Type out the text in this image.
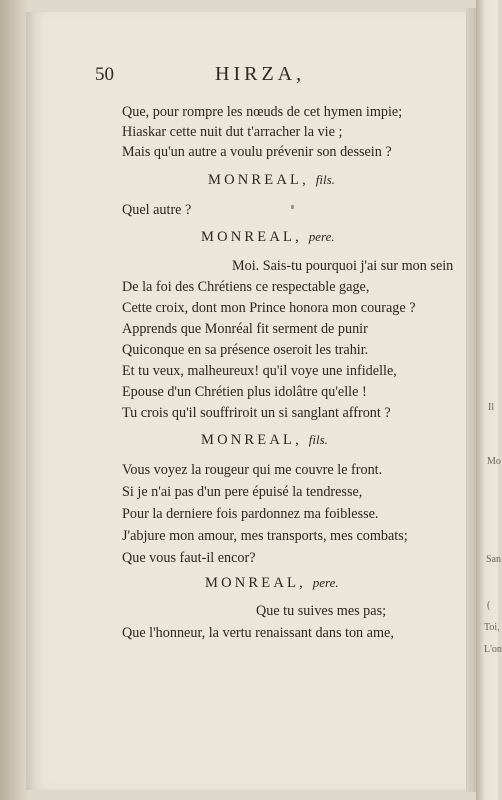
Il
Mo
San
(
Toi,
L'on
50	HIRZA,
Que, pour rompre les nœuds de cet hymen impie;
Hiaskar cette nuit dut t'arracher la vie ;
Mais qu'un autre a voulu prévenir son dessein ?
MONREAL, fils.
Quel autre ?
MONREAL, pere.
Moi. Sais-tu pourquoi j'ai sur mon sein
De la foi des Chrétiens ce respectable gage,
Cette croix, dont mon Prince honora mon courage ?
Apprends que Monréal fit serment de punir
Quiconque en sa présence oseroit les trahir.
Et tu veux, malheureux! qu'il voye une infidelle,
Epouse d'un Chrétien plus idolâtre qu'elle !
Tu crois qu'il souffriroit un si sanglant affront ?
MONREAL, fils.
Vous voyez la rougeur qui me couvre le front.
Si je n'ai pas d'un pere épuisé la tendresse,
Pour la derniere fois pardonnez ma foiblesse.
J'abjure mon amour, mes transports, mes combats;
Que vous faut-il encor?
MONREAL, pere.
Que tu suives mes pas;
Que l'honneur, la vertu renaissant dans ton ame,
